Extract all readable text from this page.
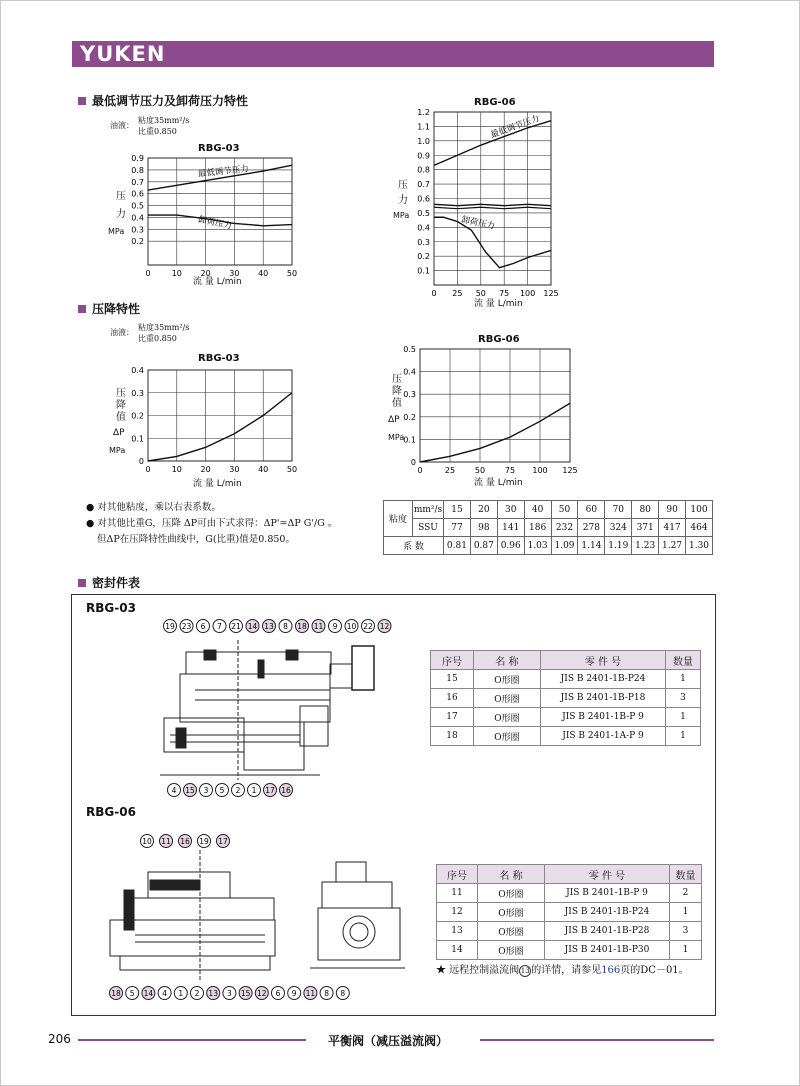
YUKEN
最低调节压力及卸荷压力特性
油液：
粘度35mm²/s
比重0.850
RBG-03
0	10 20 30 40 50
0.9
0.8
0.7
0.6
0.5
0.4
0.3
0.2
最低调节压力
卸荷压力
0 25 50 75 100 125
1.2
1.1
1.0
0.9
0.8
0.7
0.6
0.5
0.4
0.3
0.2
0.1
最低调节压力
卸荷压力
0	10 20 30 40 50
0.4
0.3
0.2
0.1
0
0	25 50 75 100 125
0.5
0.4
0.3
0.2
0.1
0
压
力
MPa
流 量 L/min
RBG-06
压
力
MPa
流 量 L/min
压降特性
油液：
粘度35mm²/s
比重0.850
RBG-03
压
降
值
ΔP
MPa
流 量 L/min
RBG-06
压
降
值
ΔP
MPa
流 量 L/min
● 对其他粘度，乘以右表系数。
● 对其他比重G，压降 ΔP可由下式求得：ΔP'=ΔP G'/G 。
但ΔP在压降特性曲线中，G(比重)值是0.850。
粘度	mm²/s	15	20	30	40	50	60	70	80	90	100
	SSU	77	98	141	186	232	278	324	371	417	464
系 数		0.81	0.87	0.96	1.03	1.09	1.14	1.19	1.23	1.27	1.30
密封件表
RBG-03
RBG-06
19 23 6 7 21 14 13 8 18 11 9 10 22 12
4 15 3 5 2 1 17 16
10 11 16 19 17
18 5 14 4 1 2 13 3 15 12 6 9 11 8 8
序号	名 称	零 件 号	数量
15	O形圈	JIS B 2401-1B-P24	1
16	O形圈	JIS B 2401-1B-P18	3
17	O形圈	JIS B 2401-1B-P 9	1
18	O形圈	JIS B 2401-1A-P 9	1
序号	名 称	零 件 号	数量
11	O形圈	JIS B 2401-1B-P 9	2
12	O形圈	JIS B 2401-1B-P24	1
13	O形圈	JIS B 2401-1B-P28	3
14	O形圈	JIS B 2401-1B-P30	1
★ 远程控制溢流阀 13 的详情，请参见166页的DC－01。
206	平衡阀（减压溢流阀）
